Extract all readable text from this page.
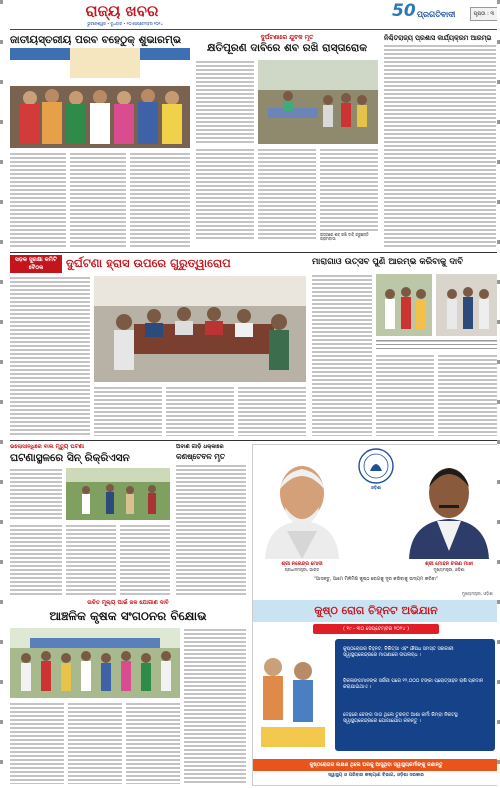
ରାଜ୍ୟ ଖବର
ଭୁବନେଶ୍ୱର • ବୁଧବାର • ୨୦ ସେପ୍ଟେମ୍ବର ୨୦୨୪
50 ପ୍ରଗତିବାଦୀ	ପୃଷ୍ଠା : ୩
ଜାତୀୟସ୍ତରୀୟ ପରବ ବହେଠୁକ୍ ଶୁଭାରମ୍ଭ	ଦୁର୍ଘଟଣାରେ ଯୁବକ ମୃତ
କ୍ଷତିପୂରଣ ଦାବିରେ ଶବ ରଖି ରାସ୍ତାରୋକ
ରାସ୍ତାରେ ଶବ ରଖି ଦାବି କରୁଛନ୍ତି ଗ୍ରାମବାସୀ
ନିଶ୍ଚିତରାଜ୍ୟ ପ୍ରଶାସ କାର୍ଯ୍ୟକ୍ରମ ଆରମ୍ଭ
ସଡ଼କ ସୁରକ୍ଷା କମିଟି ବୈଠକ	ଦୁର୍ଘଟଣା ହ୍ରାସ ଉପରେ ଗୁରୁତ୍ୱାରୋପ	ମାରାଗାଓ ଉତ୍ସବ ପୁଣି ଆରମ୍ଭ କରିବାକୁ ଦାବି
ଭଲୋସାନ୍ଧିରେ ବାଲ ମୃତ୍ୟୁ ଘଟଣା
ଘଟଣାସ୍ଥଳରେ ସିନ୍ ରିକ୍ରିଏସନ
ଅବାଣ ଗାଡ଼ି ଧକ୍କାରେ
କଣଷ୍ଟେବଳ ମୃତ
ଓଡ଼ିଶା
ଶ୍ରୀ ନରେନ୍ଦ୍ର ମୋଦୀ
ପ୍ରଧାନମନ୍ତ୍ରୀ, ଭାରତ
ଶ୍ରୀ ମୋହନ ଚରଣ ମାଝୀ
ମୁଖ୍ୟମନ୍ତ୍ରୀ, ଓଡ଼ିଶା
"ଆସନ୍ତୁ, ଆମେ ମିଳିମିଶି କୁଷ୍ଠ ରୋଗକୁ ଦୂର କରିବାକୁ ଉଦ୍ୟମ କରିବା"
ମୁଖ୍ୟମନ୍ତ୍ରୀ, ଓଡ଼ିଶା
କୁଷ୍ଠ ରୋଗ ଚିହ୍ନଟ ଅଭିଯାନ
( ୧୯ - ୩୦ ସେପ୍ଟେମ୍ବର ୨୦୨୪ )
କୁଷ୍ଠରୋଗର ଚିହ୍ନଟ, ଚିକିତ୍ସା ଏବଂ ଔଷଧ ସମସ୍ତ ସରକାରୀ ସ୍ୱାସ୍ଥ୍ୟକେନ୍ଦ୍ରରେ ମାଗଣାରେ ଉପଲବ୍ଧ ।
ବିକଳାଙ୍ଗମାନଙ୍କ ସର୍ଜରୀ ପରେ ୧୨,୦୦୦ ଟଙ୍କା ପ୍ରୋତ୍ସାହନ ରାଶି ପ୍ରଦାନ କରାଯାଇଥାଏ ।
ଦେହରେ ଚେଙ୍ଗ ଦାଗ ଥିଲେ ତୁରନ୍ତ ଆଶା କର୍ମୀ କିମ୍ବା ନିକଟସ୍ଥ ସ୍ୱାସ୍ଥ୍ୟକେନ୍ଦ୍ରରେ ଯୋଗାଯୋଗ କରନ୍ତୁ ।
କୁଷ୍ଠରୋଗର ଲକ୍ଷଣ ଥିଲେ ଘରକୁ ଆସୁଥିବା ସ୍ୱାସ୍ଥ୍ୟକର୍ମୀଙ୍କୁ ଜଣାନ୍ତୁ
ସ୍ୱାସ୍ଥ୍ୟ ଓ ପରିବାର କଲ୍ୟାଣ ବିଭାଗ, ଓଡ଼ିଶା ସରକାର
ଉଚିତ ମୂଲ୍ୟ ପାଇଁ ଜଳ ଯୋଗାଣ ଦାବି
ଆଞ୍ଚଳିକ କୃଷକ ସଂଗଠନର ବିକ୍ଷୋଭ
